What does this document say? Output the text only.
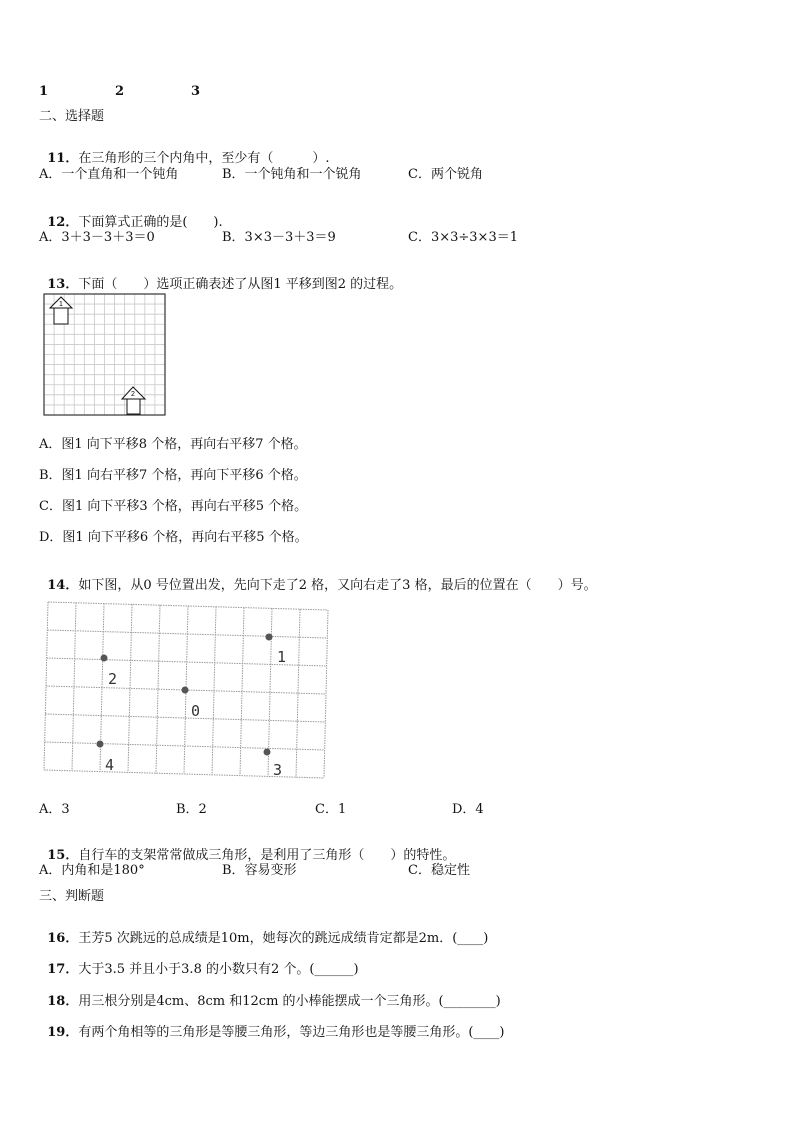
1	2	3
二、选择题

11．在三角形的三个内角中，至少有（　　　）.

A．一个直角和一个钝角	B．一个钝角和一个锐角	C．两个锐角

12．下面算式正确的是(　　).

A．3＋3－3＋3＝0	B．3×3－3＋3＝9	C．3×3÷3×3＝1

13．下面（　　）选项正确表述了从图1 平移到图2 的过程。

1
2
A．图1 向下平移8 个格，再向右平移7 个格。
B．图1 向右平移7 个格，再向下平移6 个格。
C．图1 向下平移3 个格，再向右平移5 个格。
D．图1 向下平移6 个格，再向右平移5 个格。

14．如下图，从0 号位置出发，先向下走了2 格，又向右走了3 格，最后的位置在（　　）号。

1
2
0
4	3
A．3	B．2	C．1	D．4

15．自行车的支架常常做成三角形，是利用了三角形（　　）的特性。

A．内角和是180°	B．容易变形	C．稳定性
三、判断题

16．王芳5 次跳远的总成绩是10m，她每次的跳远成绩肯定都是2m．(____)

17．大于3.5 并且小于3.8 的小数只有2 个。(______)

18．用三根分别是4cm、8cm 和12cm 的小棒能摆成一个三角形。(________)

19．有两个角相等的三角形是等腰三角形，等边三角形也是等腰三角形。(____)
